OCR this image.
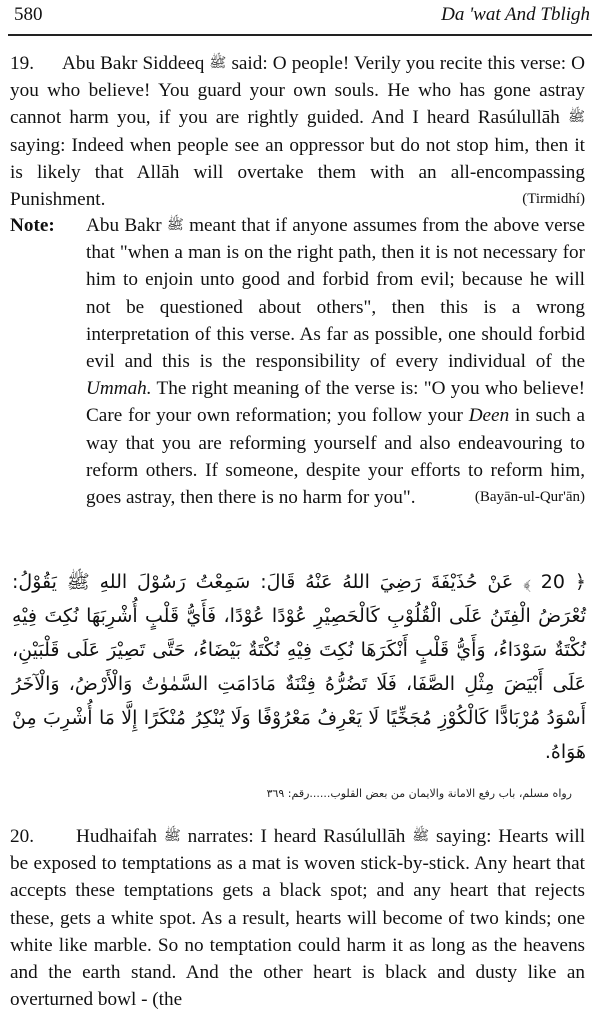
580	Da 'wat And Tbligh
19. Abu Bakr Siddeeq ﷺ said: O people! Verily you recite this verse: O you who believe! You guard your own souls. He who has gone astray cannot harm you, if you are rightly guided. And I heard Rasúlullāh ﷺ saying: Indeed when people see an oppressor but do not stop him, then it is likely that Allāh will overtake them with an all-encompassing Punishment.	(Tirmidhí)
Note: Abu Bakr ﷺ meant that if anyone assumes from the above verse that "when a man is on the right path, then it is not necessary for him to enjoin unto good and forbid from evil; because he will not be questioned about others", then this is a wrong interpretation of this verse. As far as possible, one should forbid evil and this is the responsibility of every individual of the Ummah. The right meaning of the verse is: "O you who believe! Care for your own reformation; you follow your Deen in such a way that you are reforming yourself and also endeavouring to reform others. If someone, despite your efforts to reform him, goes astray, then there is no harm for you".	(Bayān-ul-Qur'ān)
﴿ 20 ﴾ عَنْ حُذَيْفَةَ رَضِيَ اللهُ عَنْهُ قَالَ: سَمِعْتُ رَسُوْلَ اللهِ ﷺ يَقُوْلُ: تُعْرَضُ الْفِتَنُ عَلَى الْقُلُوْبِ كَالْحَصِيْرِ عُوْدًا عُوْدًا، فَأَيُّ قَلْبٍ أُشْرِبَهَا نُكِتَ فِيْهِ نُكْتَةٌ سَوْدَاءُ، وَأَيُّ قَلْبٍ أَنْكَرَهَا نُكِتَ فِيْهِ نُكْتَةٌ بَيْضَاءُ، حَتَّى تَصِيْرَ عَلَى قَلْبَيْنِ، عَلَى أَبْيَضَ مِثْلِ الصَّفَا، فَلَا تَضُرُّهُ فِتْنَةٌ مَادَامَتِ السَّمٰوٰتُ وَالْأَرْضُ، وَالْآخَرُ أَسْوَدُ مُرْبَادًّا كَالْكُوْزِ مُجَخِّيًا لَا يَعْرِفُ مَعْرُوْفًا وَلَا يُنْكِرُ مُنْكَرًا إِلَّا مَا أُشْرِبَ مِنْ هَوَاهُ.
رواه مسلم، باب رفع الامانة والايمان من بعض القلوب......رقم: ٣٦٩
20. Hudhaifah ﷺ narrates: I heard Rasúlullāh ﷺ saying: Hearts will be exposed to temptations as a mat is woven stick-by-stick. Any heart that accepts these temptations gets a black spot; and any heart that rejects these, gets a white spot. As a result, hearts will become of two kinds; one white like marble. So no temptation could harm it as long as the heavens and the earth stand. And the other heart is black and dusty like an overturned bowl - (the
